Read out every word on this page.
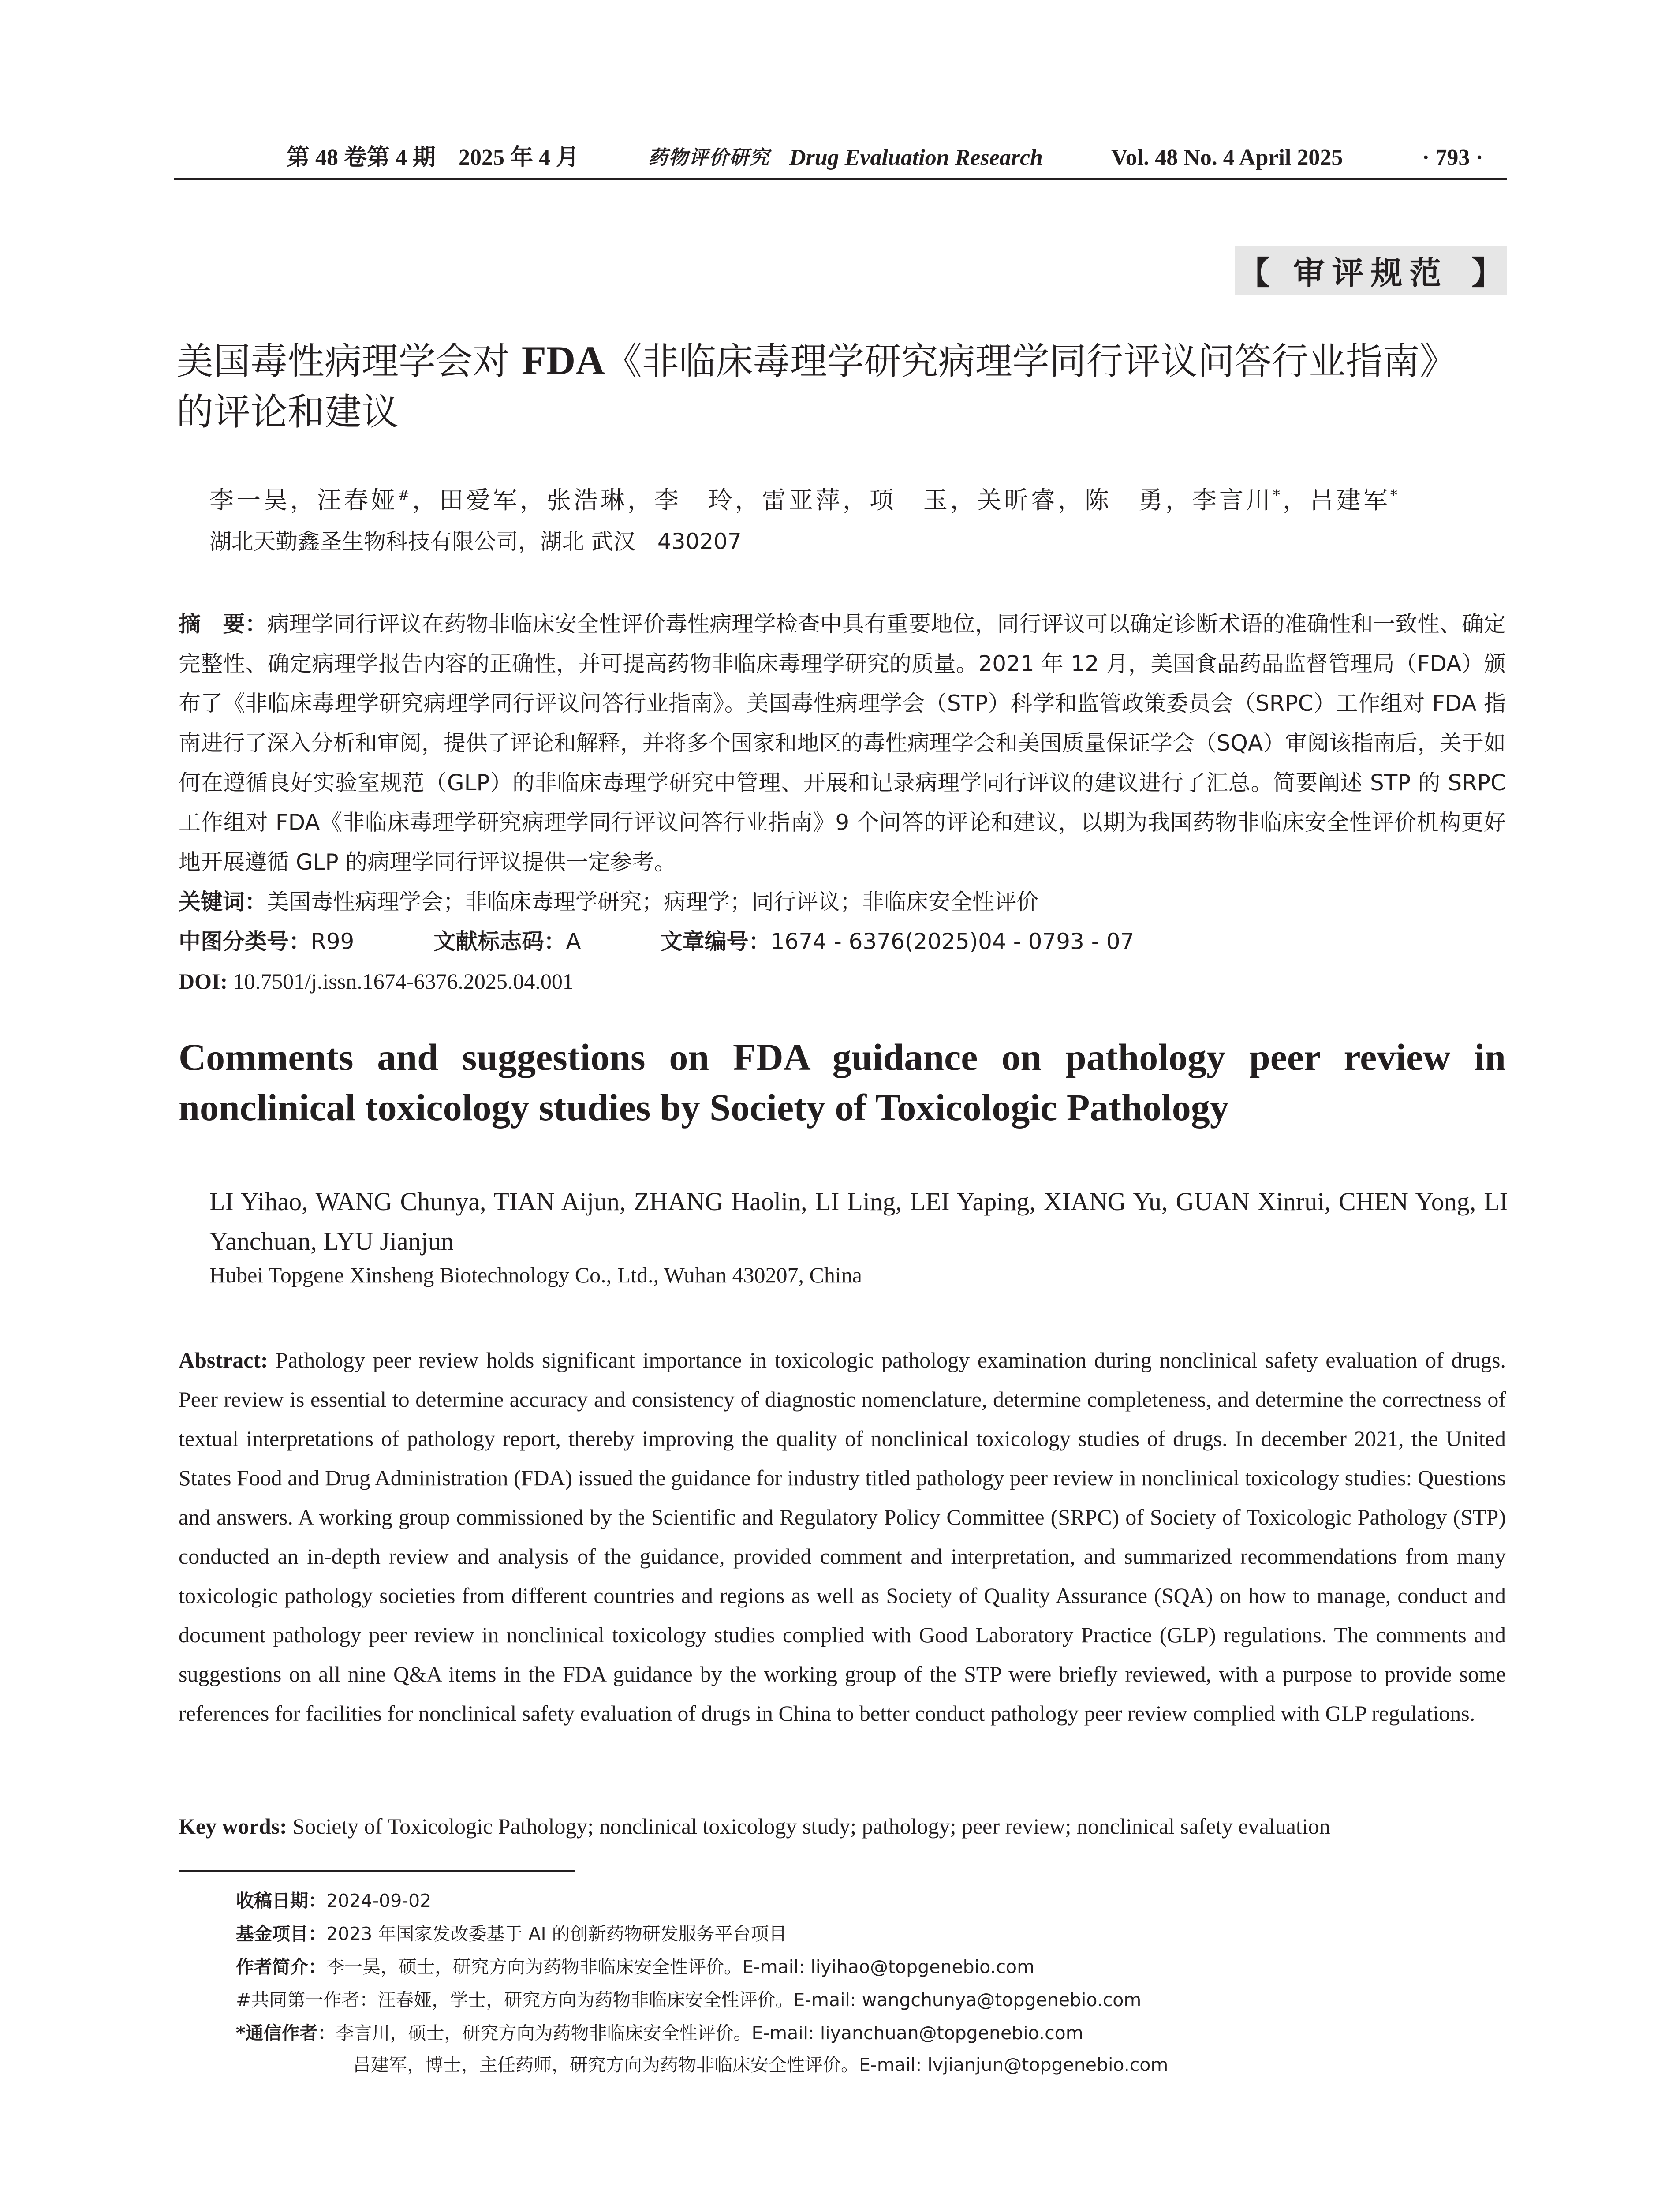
第 48 卷第 4 期　2025 年 4 月	药物评价研究 Drug Evaluation Research	Vol. 48 No. 4 April 2025	· 793 ·
【 审评规范 】
美国毒性病理学会对 FDA《非临床毒理学研究病理学同行评议问答行业指南》
的评论和建议
李一昊，汪春娅#，田爱军，张浩琳，李　玲，雷亚萍，项　玉，关昕睿，陈　勇，李言川*，吕建军*
湖北天勤鑫圣生物科技有限公司，湖北 武汉　430207
摘　要：病理学同行评议在药物非临床安全性评价毒性病理学检查中具有重要地位，同行评议可以确定诊断术语的准确性和一致性、确定完整性、确定病理学报告内容的正确性，并可提高药物非临床毒理学研究的质量。2021 年 12 月，美国食品药品监督管理局（FDA）颁布了《非临床毒理学研究病理学同行评议问答行业指南》。美国毒性病理学会（STP）科学和监管政策委员会（SRPC）工作组对 FDA 指南进行了深入分析和审阅，提供了评论和解释，并将多个国家和地区的毒性病理学会和美国质量保证学会（SQA）审阅该指南后，关于如何在遵循良好实验室规范（GLP）的非临床毒理学研究中管理、开展和记录病理学同行评议的建议进行了汇总。简要阐述 STP 的 SRPC 工作组对 FDA《非临床毒理学研究病理学同行评议问答行业指南》9 个问答的评论和建议，以期为我国药物非临床安全性评价机构更好地开展遵循 GLP 的病理学同行评议提供一定参考。
关键词：美国毒性病理学会；非临床毒理学研究；病理学；同行评议；非临床安全性评价
中图分类号：R99	文献标志码：A	文章编号：1674 - 6376(2025)04 - 0793 - 07
DOI: 10.7501/j.issn.1674-6376.2025.04.001
Comments and suggestions on FDA guidance on pathology peer review in nonclinical toxicology studies by Society of Toxicologic Pathology
LI Yihao, WANG Chunya, TIAN Aijun, ZHANG Haolin, LI Ling, LEI Yaping, XIANG Yu, GUAN Xinrui, CHEN Yong, LI Yanchuan, LYU Jianjun
Hubei Topgene Xinsheng Biotechnology Co., Ltd., Wuhan 430207, China
Abstract: Pathology peer review holds significant importance in toxicologic pathology examination during nonclinical safety evaluation of drugs. Peer review is essential to determine accuracy and consistency of diagnostic nomenclature, determine completeness, and determine the correctness of textual interpretations of pathology report, thereby improving the quality of nonclinical toxicology studies of drugs. In december 2021, the United States Food and Drug Administration (FDA) issued the guidance for industry titled pathology peer review in nonclinical toxicology studies: Questions and answers. A working group commissioned by the Scientific and Regulatory Policy Committee (SRPC) of Society of Toxicologic Pathology (STP) conducted an in-depth review and analysis of the guidance, provided comment and interpretation, and summarized recommendations from many toxicologic pathology societies from different countries and regions as well as Society of Quality Assurance (SQA) on how to manage, conduct and document pathology peer review in nonclinical toxicology studies complied with Good Laboratory Practice (GLP) regulations. The comments and suggestions on all nine Q&A items in the FDA guidance by the working group of the STP were briefly reviewed, with a purpose to provide some references for facilities for nonclinical safety evaluation of drugs in China to better conduct pathology peer review complied with GLP regulations.
Key words: Society of Toxicologic Pathology; nonclinical toxicology study; pathology; peer review; nonclinical safety evaluation
收稿日期：2024-09-02
基金项目：2023 年国家发改委基于 AI 的创新药物研发服务平台项目
作者简介：李一昊，硕士，研究方向为药物非临床安全性评价。E-mail: liyihao@topgenebio.com
#共同第一作者：汪春娅，学士，研究方向为药物非临床安全性评价。E-mail: wangchunya@topgenebio.com
*通信作者：李言川，硕士，研究方向为药物非临床安全性评价。E-mail: liyanchuan@topgenebio.com
吕建军，博士，主任药师，研究方向为药物非临床安全性评价。E-mail: lvjianjun@topgenebio.com
